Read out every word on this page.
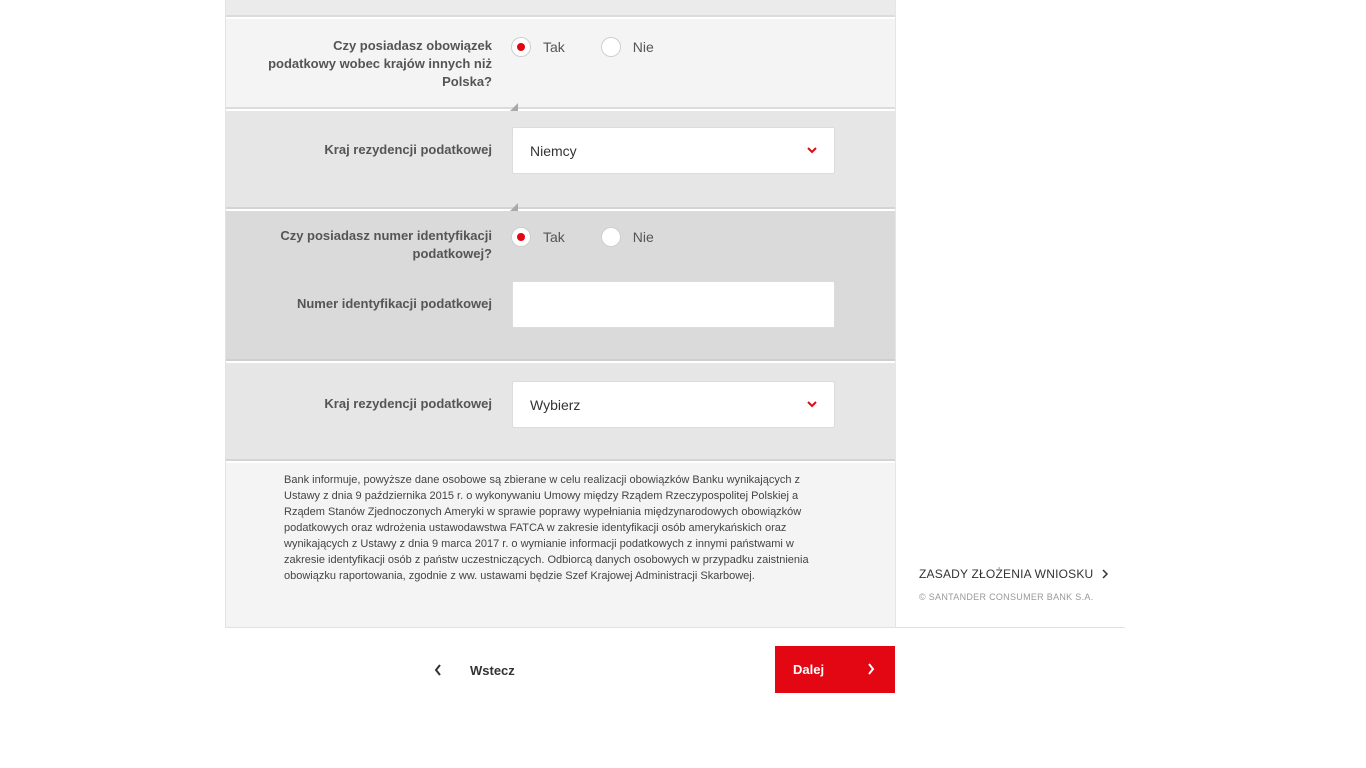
Czy posiadasz obowiązek podatkowy wobec krajów innych niż Polska?
Tak	Nie
Kraj rezydencji podatkowej	Niemcy
Czy posiadasz numer identyfikacji podatkowej?
Tak	Nie
Numer identyfikacji podatkowej
Kraj rezydencji podatkowej	Wybierz

Bank informuje, powyższe dane osobowe są zbierane w celu realizacji obowiązków Banku wynikających z Ustawy z dnia 9 października 2015 r. o wykonywaniu Umowy między Rządem Rzeczypospolitej Polskiej a Rządem Stanów Zjednoczonych Ameryki w sprawie poprawy wypełniania międzynarodowych obowiązków podatkowych oraz wdrożenia ustawodawstwa FATCA w zakresie identyfikacji osób amerykańskich oraz wynikających z Ustawy z dnia 9 marca 2017 r. o wymianie informacji podatkowych z innymi państwami w zakresie identyfikacji osób z państw uczestniczących. Odbiorcą danych osobowych w przypadku zaistnienia obowiązku raportowania, zgodnie z ww. ustawami będzie Szef Krajowej Administracji Skarbowej.	ZASADY ZŁOŻENIA WNIOSKU
© SANTANDER CONSUMER BANK S.A.
Wstecz	Dalej
